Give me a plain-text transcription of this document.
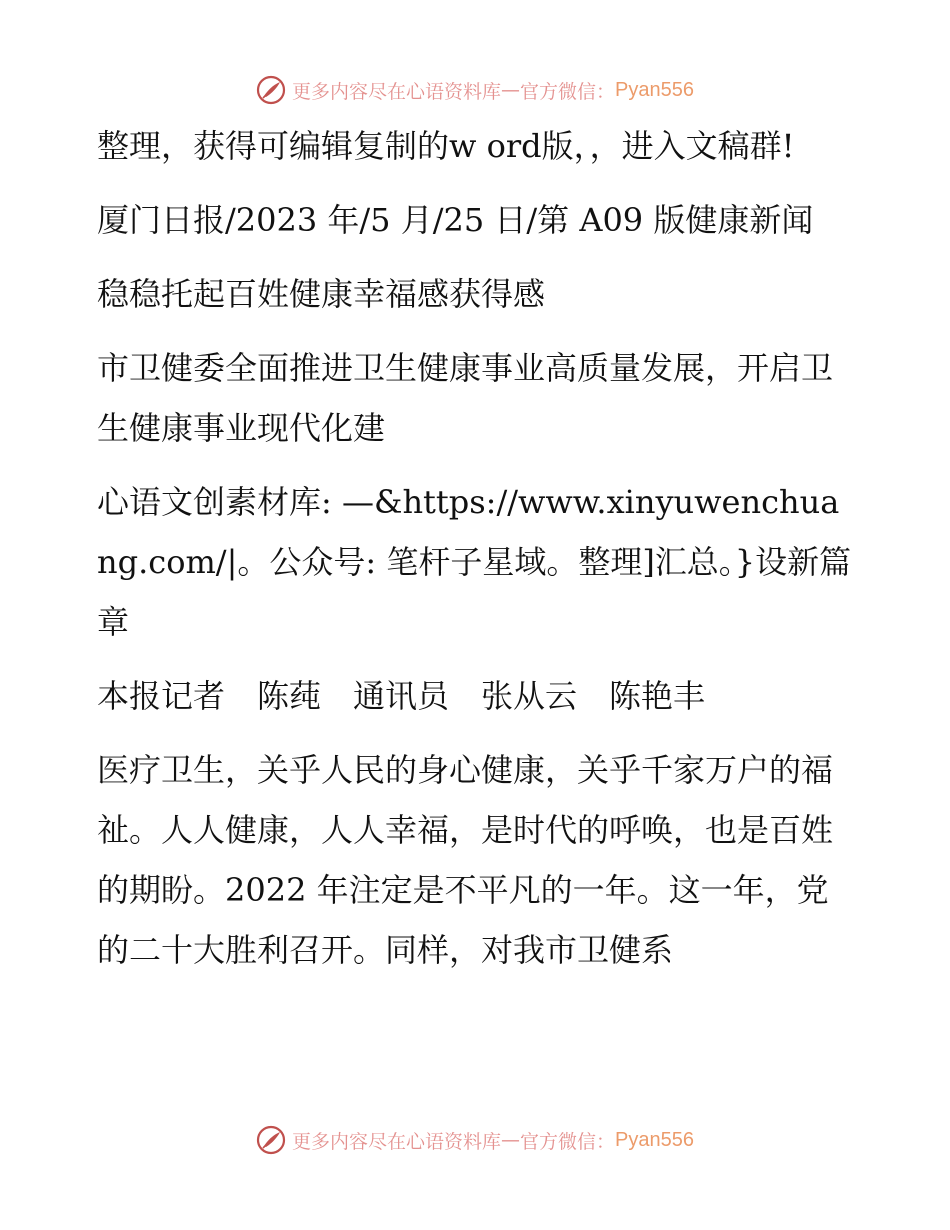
更多内容尽在心语资料库 — 官方微信： Pyan556

整理，获得可编辑复制的w ord版，，进入文稿群!

厦门日报/2023 年/5 月/25 日/第 A09 版健康新闻

稳稳托起百姓健康幸福感获得感

市卫健委全面推进卫生健康事业高质量发展，开启卫生健康事业现代化建

心语文创素材库: —&https://www.xinyuwenchuang.com/|。公众号: 笔杆子星域。整理]汇总。}设新篇章

本报记者　陈莼　通讯员　张从云　陈艳丰

医疗卫生，关乎人民的身心健康，关乎千家万户的福祉。人人健康，人人幸福，是时代的呼唤，也是百姓的期盼。2022 年注定是不平凡的一年。这一年，党的二十大胜利召开。同样，对我市卫健系

更多内容尽在心语资料库 — 官方微信： Pyan556
